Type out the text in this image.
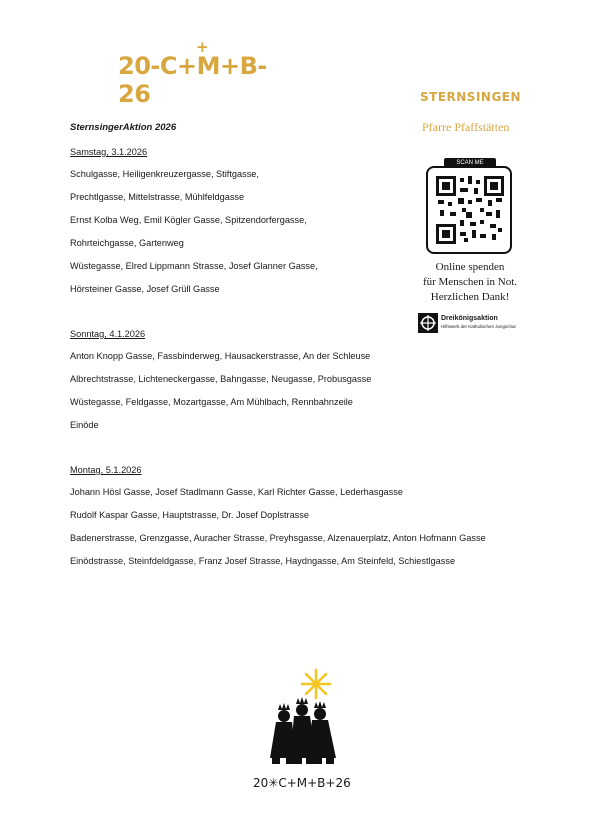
+
20-C+M+B-26	STERNSINGEN
Pfarre Pfaffstätten
SternsingerAktion 2026
Samstag, 3.1.2026
Schulgasse, Heiligenkreuzergasse, Stiftgasse,
Prechtlgasse, Mittelstrasse, Mühlfeldgasse
Ernst Kolba Weg, Emil Kögler Gasse, Spitzendorfergasse,
Rohrteichgasse, Gartenweg
Wüstegasse, Elred Lippmann Strasse, Josef Glanner Gasse,
Hörsteiner Gasse, Josef Grüll Gasse
Sonntag, 4.1.2026
Anton Knopp Gasse, Fassbinderweg, Hausackerstrasse, An der Schleuse
Albrechtstrasse, Lichteneckergasse, Bahngasse, Neugasse, Probusgasse
Wüstegasse, Feldgasse, Mozartgasse, Am Mühlbach, Rennbahnzeile
Einöde
Montag, 5.1.2026
Johann Hösl Gasse, Josef Stadlmann Gasse, Karl Richter Gasse, Lederhasgasse
Rudolf Kaspar Gasse, Hauptstrasse, Dr. Josef Doplstrasse
Badenerstrasse, Grenzgasse, Auracher Strasse, Preyhsgasse, Alzenauerplatz, Anton Hofmann Gasse
Einödstrasse, Steinfdeldgasse, Franz Josef Strasse, Haydngasse, Am Steinfeld, Schiestlgasse
SCAN ME
Online spenden
für Menschen in Not.
Herzlichen Dank!
Dreikönigsaktion
Hilfswerk der Katholischen Jungschar
20✳C+M+B+26
